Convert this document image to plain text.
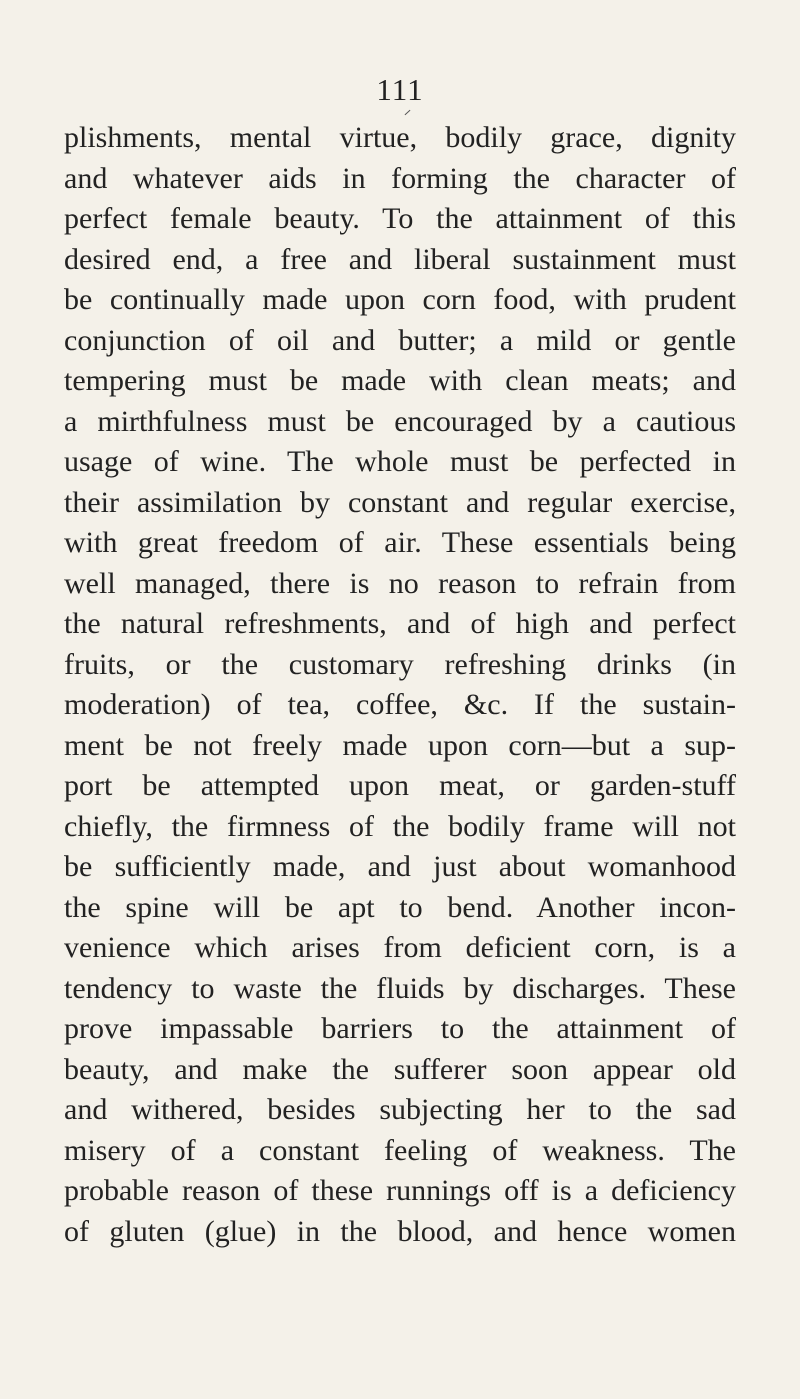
111
plishments, mental virtue, bodily grace, dignity
and whatever aids in forming the character of
perfect female beauty. To the attainment of this
desired end, a free and liberal sustainment must
be continually made upon corn food, with prudent
conjunction of oil and butter; a mild or gentle
tempering must be made with clean meats; and
a mirthfulness must be encouraged by a cautious
usage of wine. The whole must be perfected in
their assimilation by constant and regular exercise,
with great freedom of air. These essentials being
well managed, there is no reason to refrain from
the natural refreshments, and of high and perfect
fruits, or the customary refreshing drinks (in
moderation) of tea, coffee, &c. If the sustain-
ment be not freely made upon corn—but a sup-
port be attempted upon meat, or garden-stuff
chiefly, the firmness of the bodily frame will not
be sufficiently made, and just about womanhood
the spine will be apt to bend. Another incon-
venience which arises from deficient corn, is a
tendency to waste the fluids by discharges. These
prove impassable barriers to the attainment of
beauty, and make the sufferer soon appear old
and withered, besides subjecting her to the sad
misery of a constant feeling of weakness. The
probable reason of these runnings off is a deficiency
of gluten (glue) in the blood, and hence women
